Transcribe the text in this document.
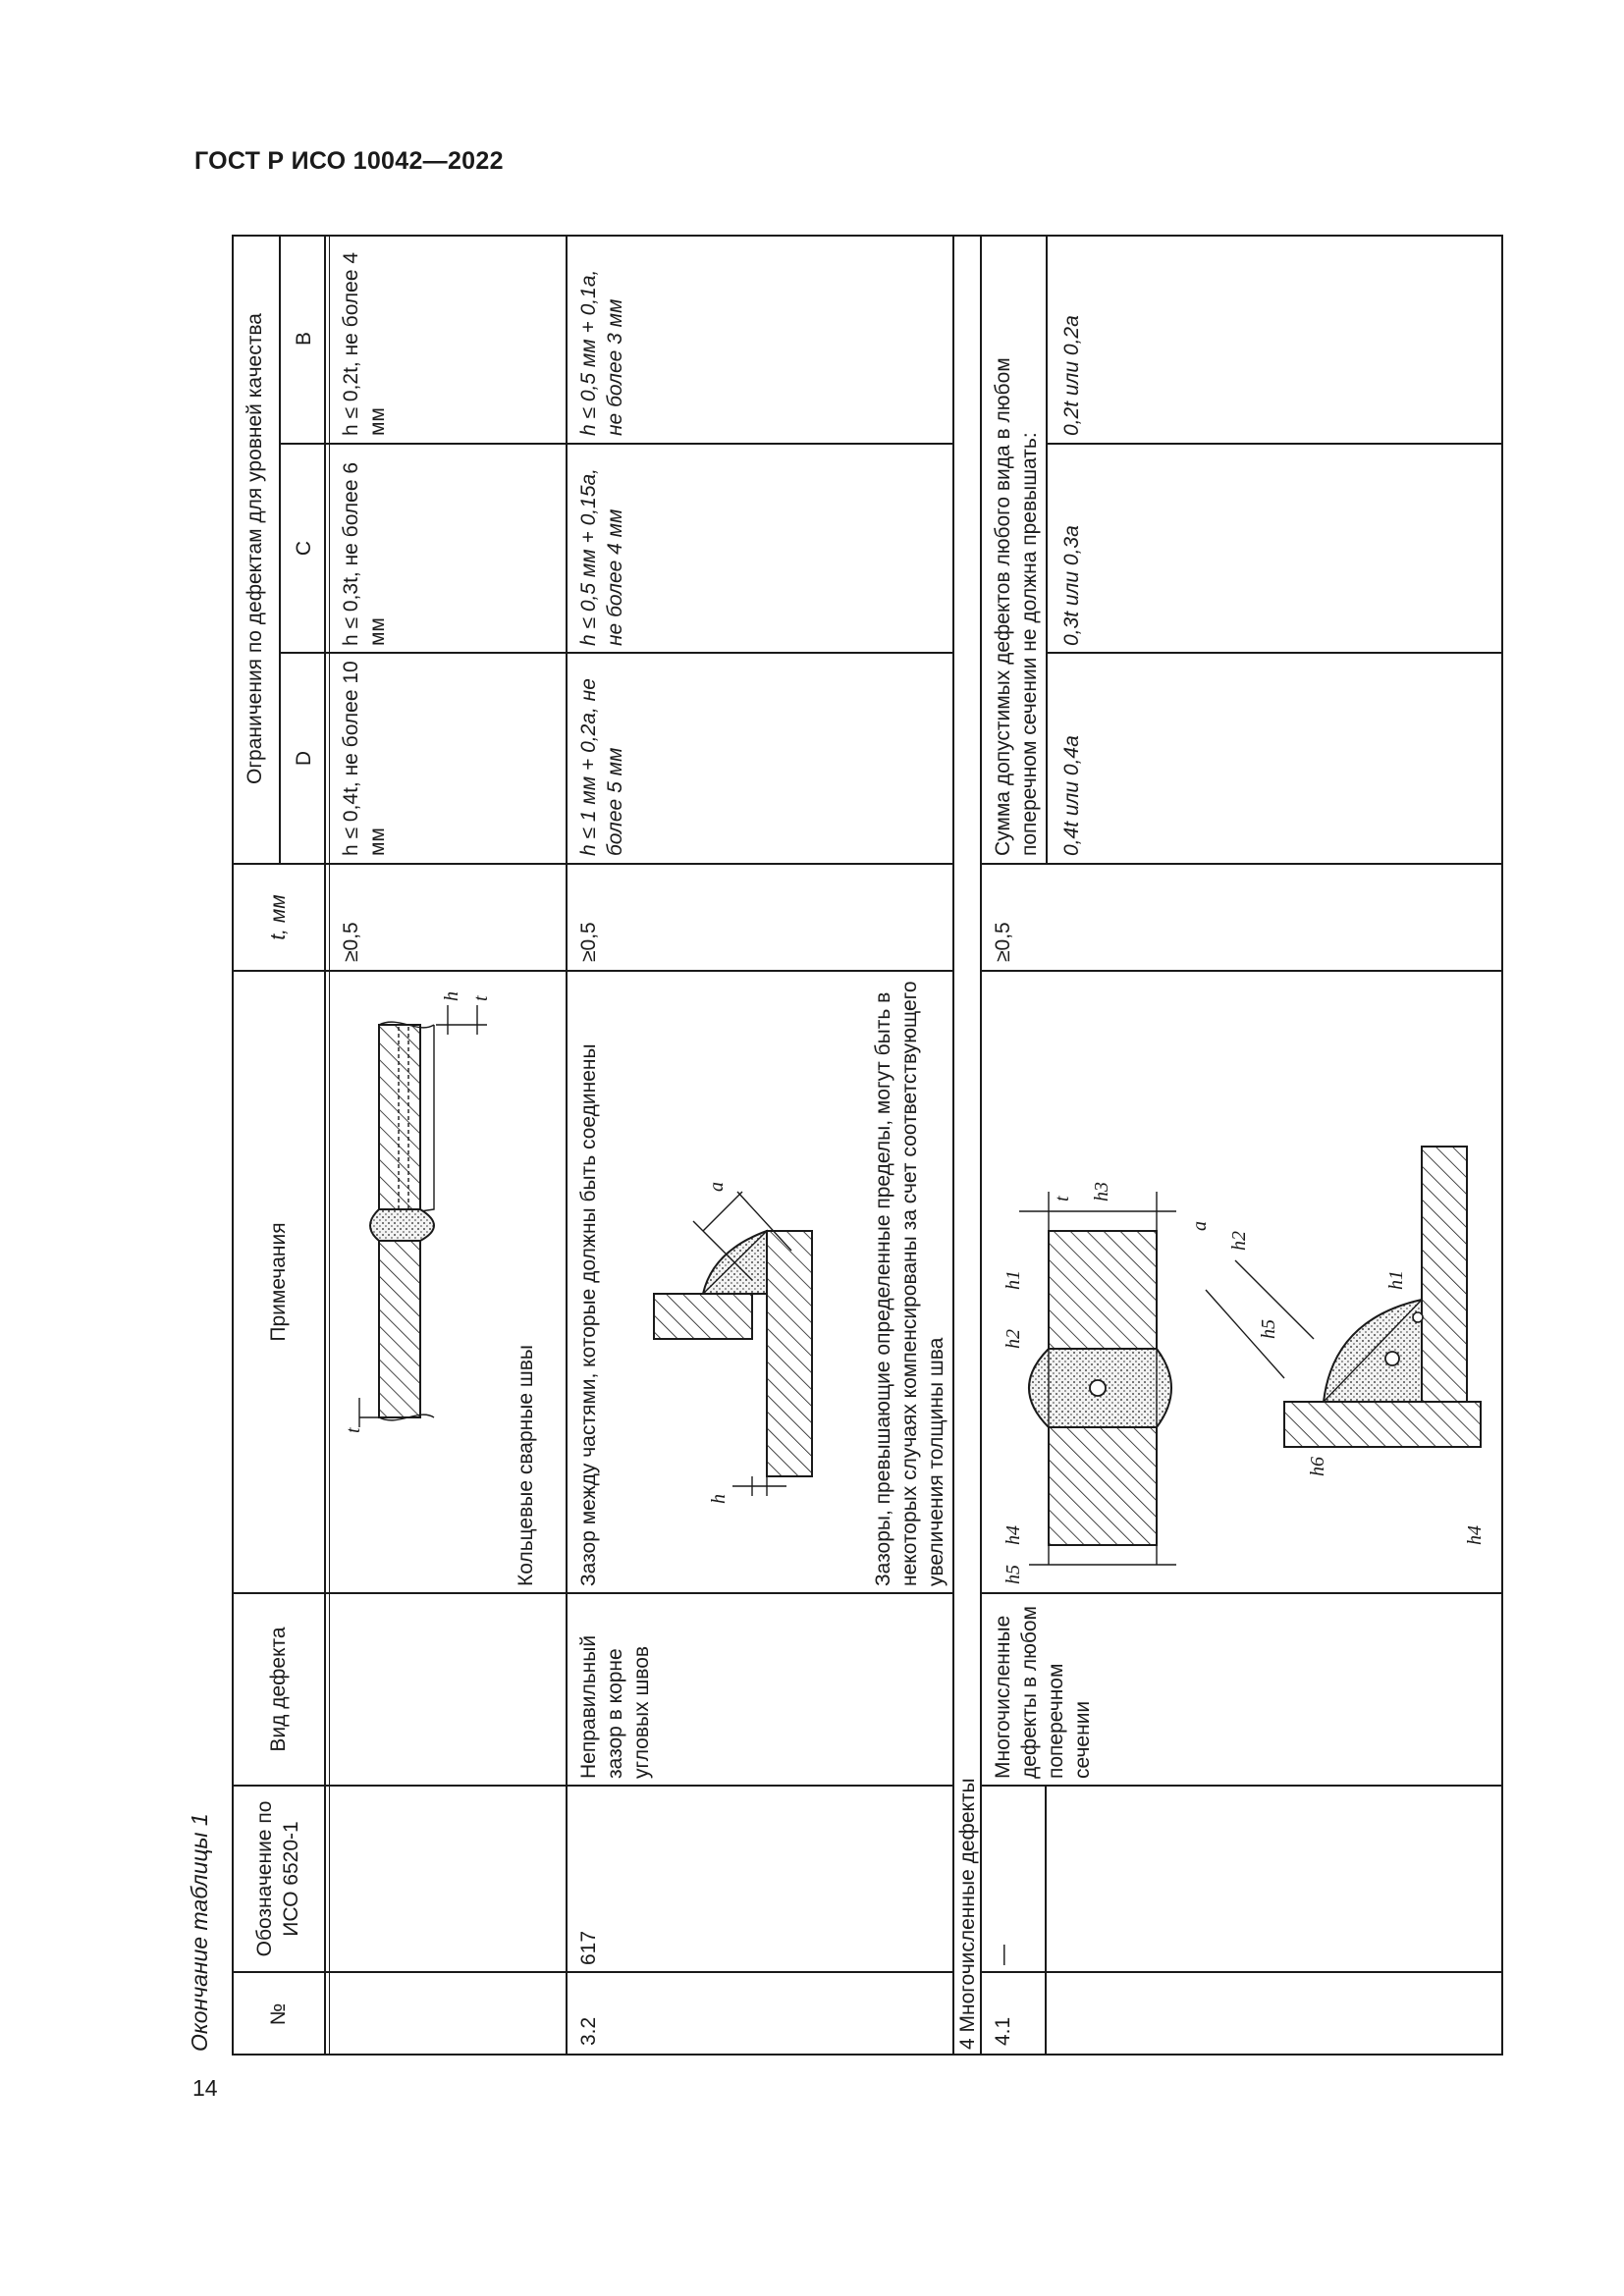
ГОСТ Р ИСО 10042—2022
Окончание таблицы 1
14
№
Обозначение по ИСО 6520-1
Вид дефекта
Примечания
t, мм
Ограничения по дефектам для уровней качества D
C
B
Кольцевые сварные швы
≥0,5
h ≤ 0,4t, не более 10 мм
h ≤ 0,3t, не более 6 мм
h ≤ 0,2t, не более 4 мм
t
h t
3.2
617
Неправильный зазор в корне угловых швов
Зазор между частями, которые должны быть соединены	Зазоры, превышающие определенные пределы, могут быть в некоторых случаях компенсированы за счет соответствующего увеличения толщины шва
≥0,5
h ≤ 1 мм + 0,2a, не более 5 мм
h ≤ 0,5 мм + 0,15a, не более 4 мм
h ≤ 0,5 мм + 0,1a, не более 3 мм
h
a
4 Многочисленные дефекты 4.1
—
Многочисленные дефекты в любом поперечном сечении
≥0,5
Сумма допустимых дефектов любого вида в любом поперечном сечении не должна превышать: 0,4t или 0,4a
0,3t или 0,3a
0,2t или 0,2a
t h3
h1
h4
h5
h2
h6
h5
h1
h2
a
h4
